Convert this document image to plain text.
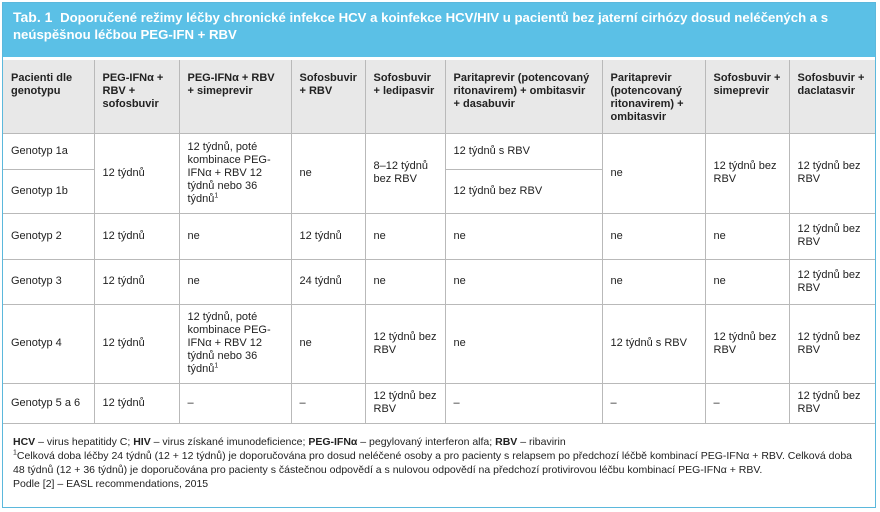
Tab. 1 Doporučené režimy léčby chronické infekce HCV a koinfekce HCV/HIV u pacientů bez jaterní cirhózy dosud neléčených a s neúspěšnou léčbou PEG-IFN + RBV
Pacienti dle genotypu	PEG-IFNα + RBV + sofosbuvir	PEG-IFNα + RBV + simeprevir	Sofosbuvir + RBV	Sofosbuvir + ledipasvir	Paritaprevir (potencovaný ritonavirem) + ombitasvir + dasabuvir	Paritaprevir (potencovaný ritonavirem) + ombitasvir	Sofosbuvir + simeprevir	Sofosbuvir + daclatasvir
Genotyp 1a	12 týdnů	12 týdnů, poté kombinace PEG-IFNα + RBV 12 týdnů nebo 36 týdnů$^1$	ne	8–12 týdnů bez RBV	12 týdnů s RBV	ne	12 týdnů bez RBV	12 týdnů bez RBV
Genotyp 1b					12 týdnů bez RBV			
Genotyp 2	12 týdnů	ne	12 týdnů	ne	ne	ne	ne	12 týdnů bez RBV
Genotyp 3	12 týdnů	ne	24 týdnů	ne	ne	ne	ne	12 týdnů bez RBV
Genotyp 4	12 týdnů	12 týdnů, poté kombinace PEG-IFNα + RBV 12 týdnů nebo 36 týdnů$^1$	ne	12 týdnů bez RBV	ne	12 týdnů s RBV	12 týdnů bez RBV	12 týdnů bez RBV
Genotyp 5 a 6	12 týdnů	–	–	12 týdnů bez RBV	–	–	–	12 týdnů bez RBV

HCV – virus hepatitidy C; HIV – virus získané imunodeficience; PEG-IFNα – pegylovaný interferon alfa; RBV – ribavirin

$^1$Celková doba léčby 24 týdnů (12 + 12 týdnů) je doporučována pro dosud neléčené osoby a pro pacienty s relapsem po předchozí léčbě kombinací PEG-IFNα + RBV. Celková doba 48 týdnů (12 + 36 týdnů) je doporučována pro pacienty s částečnou odpovědí a s nulovou odpovědí na předchozí protivirovou léčbu kombinací PEG-IFNα + RBV.

Podle [2] – EASL recommendations, 2015
